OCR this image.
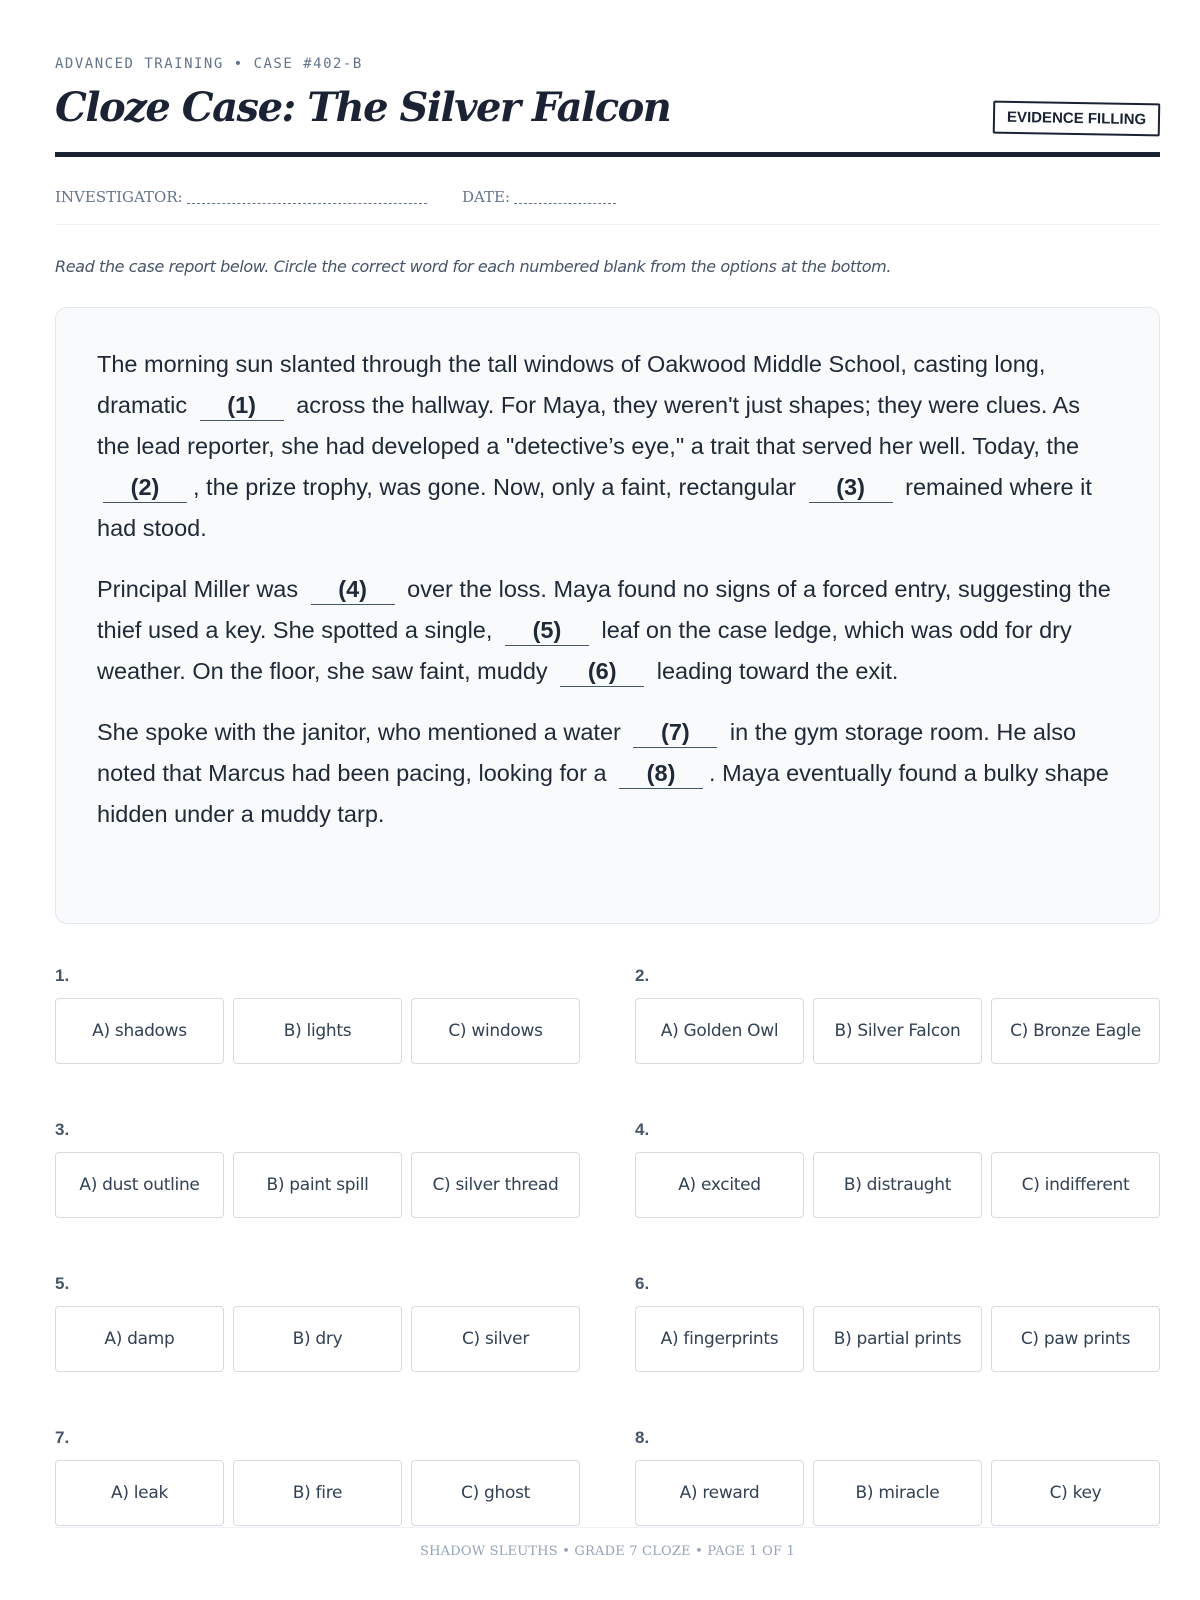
ADVANCED TRAINING • CASE #402-B
Cloze Case: The Silver Falcon	EVIDENCE FILLING
INVESTIGATOR:	DATE:
Read the case report below. Circle the correct word for each numbered blank from the options at the bottom.

The morning sun slanted through the tall windows of Oakwood Middle School, casting long, dramatic (1) across the hallway. For Maya, they weren't just shapes; they were clues. As the lead reporter, she had developed a "detective’s eye," a trait that served her well. Today, the (2) , the prize trophy, was gone. Now, only a faint, rectangular (3) remained where it had stood.

Principal Miller was (4) over the loss. Maya found no signs of a forced entry, suggesting the thief used a key. She spotted a single, (5) leaf on the case ledge, which was odd for dry weather. On the floor, she saw faint, muddy (6) leading toward the exit.

She spoke with the janitor, who mentioned a water (7) in the gym storage room. He also noted that Marcus had been pacing, looking for a (8) . Maya eventually found a bulky shape hidden under a muddy tarp.

1.
A) shadows	B) lights	C) windows
2.
A) Golden Owl	B) Silver Falcon	C) Bronze Eagle
3.
A) dust outline	B) paint spill	C) silver thread
4.
A) excited	B) distraught	C) indifferent
5.
A) damp	B) dry	C) silver
6.
A) fingerprints	B) partial prints	C) paw prints
7.
A) leak	B) fire	C) ghost
8.
A) reward	B) miracle	C) key
SHADOW SLEUTHS • GRADE 7 CLOZE • PAGE 1 OF 1
